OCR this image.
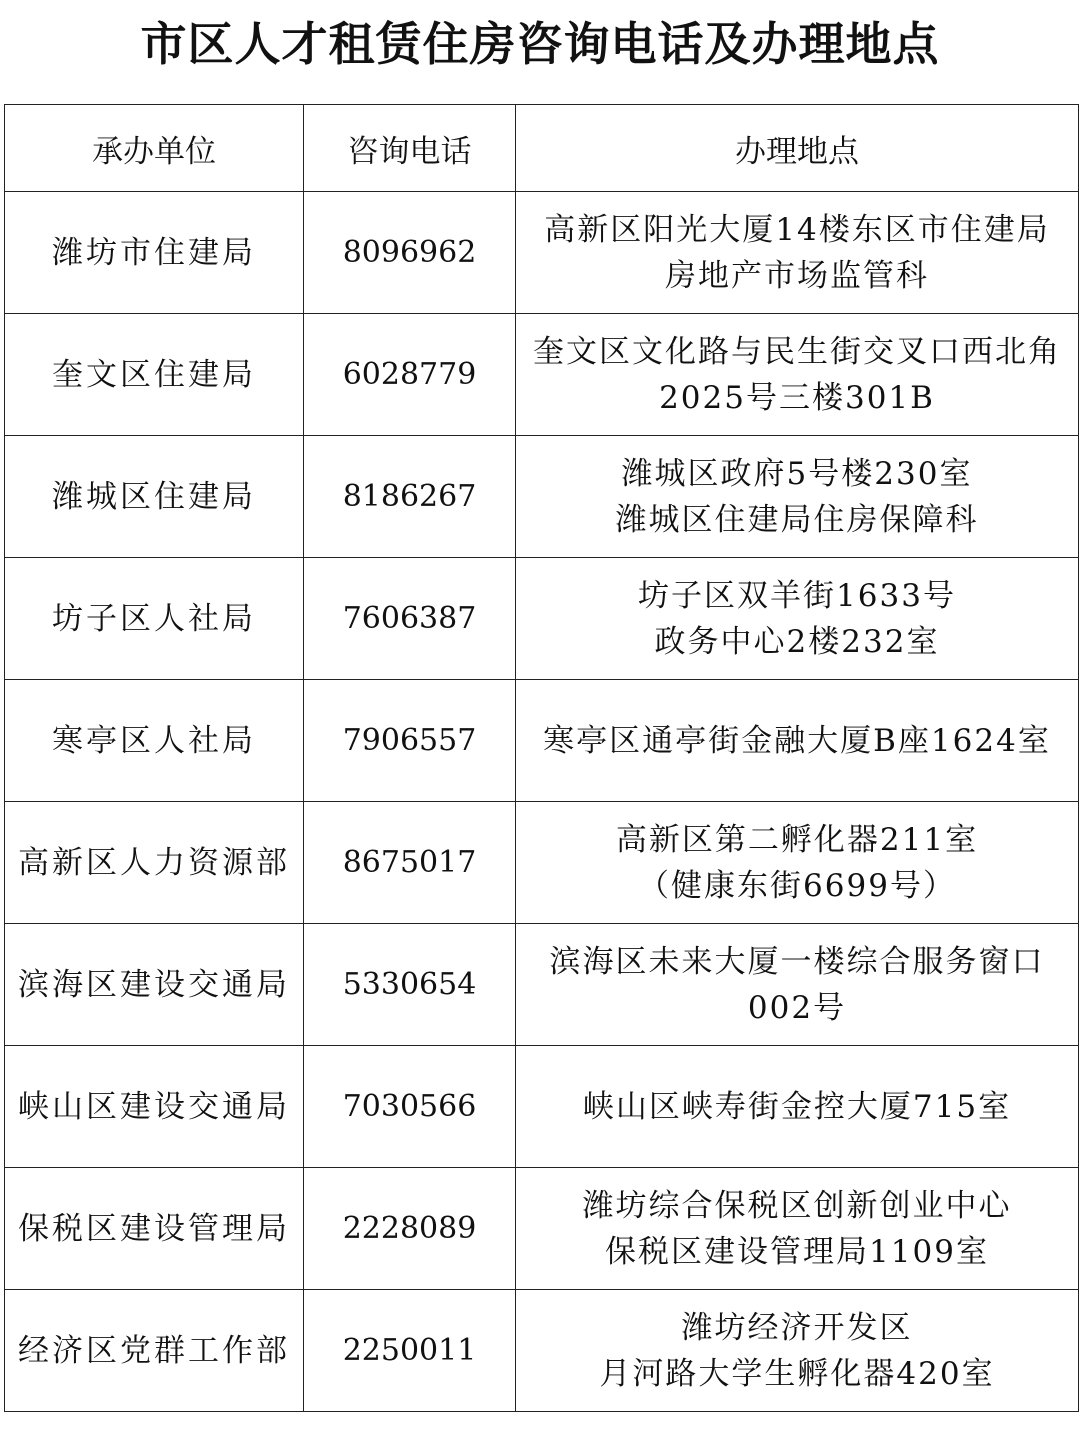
市区人才租赁住房咨询电话及办理地点
承办单位	咨询电话	办理地点
潍坊市住建局	8096962	高新区阳光大厦14楼东区市住建局
房地产市场监管科

奎文区住建局	6028779	奎文区文化路与民生街交叉口西北角
2025号三楼301B

潍城区住建局	8186267	潍城区政府5号楼230室
潍城区住建局住房保障科

坊子区人社局	7606387	坊子区双羊街1633号
政务中心2楼232室

寒亭区人社局	7906557	寒亭区通亭街金融大厦B座1624室

高新区人力资源部	8675017	高新区第二孵化器211室
（健康东街6699号）

滨海区建设交通局	5330654	滨海区未来大厦一楼综合服务窗口
002号

峡山区建设交通局	7030566	峡山区峡寿街金控大厦715室

保税区建设管理局	2228089	潍坊综合保税区创新创业中心
保税区建设管理局1109室

经济区党群工作部	2250011	潍坊经济开发区
月河路大学生孵化器420室
